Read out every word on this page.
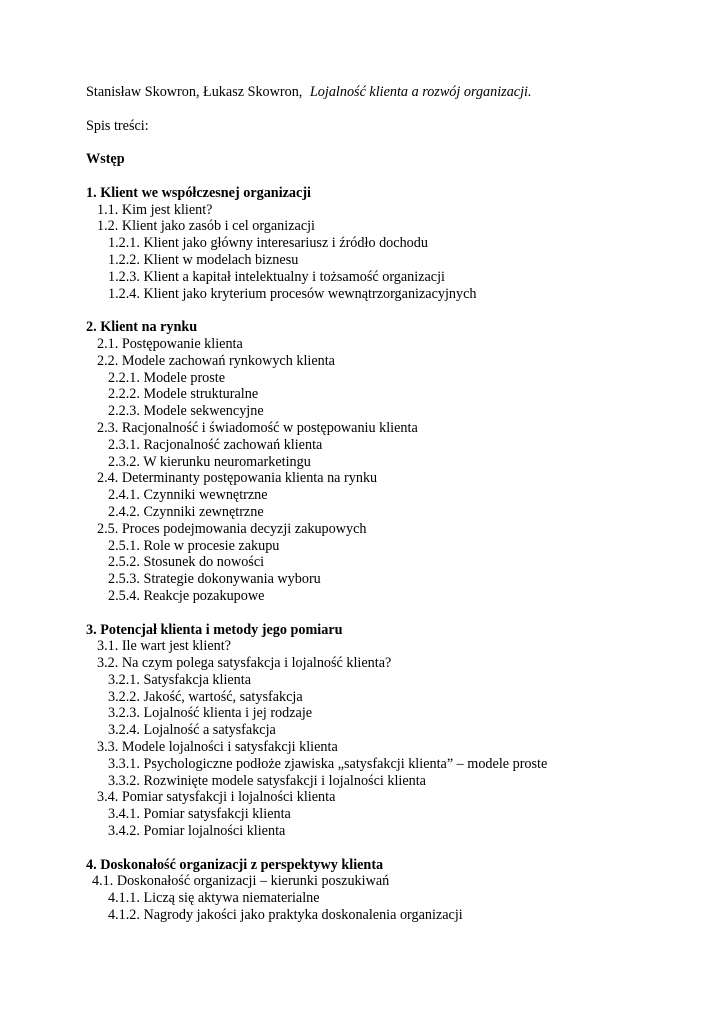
Stanisław Skowron, Łukasz Skowron, Lojalność klienta a rozwój organizacji.
Spis treści:
Wstęp
1. Klient we współczesnej organizacji
1.1. Kim jest klient?
1.2. Klient jako zasób i cel organizacji
1.2.1. Klient jako główny interesariusz i źródło dochodu
1.2.2. Klient w modelach biznesu
1.2.3. Klient a kapitał intelektualny i tożsamość organizacji
1.2.4. Klient jako kryterium procesów wewnątrzorganizacyjnych
2. Klient na rynku
2.1. Postępowanie klienta
2.2. Modele zachowań rynkowych klienta
2.2.1. Modele proste
2.2.2. Modele strukturalne
2.2.3. Modele sekwencyjne
2.3. Racjonalność i świadomość w postępowaniu klienta
2.3.1. Racjonalność zachowań klienta
2.3.2. W kierunku neuromarketingu
2.4. Determinanty postępowania klienta na rynku
2.4.1. Czynniki wewnętrzne
2.4.2. Czynniki zewnętrzne
2.5. Proces podejmowania decyzji zakupowych
2.5.1. Role w procesie zakupu
2.5.2. Stosunek do nowości
2.5.3. Strategie dokonywania wyboru
2.5.4. Reakcje pozakupowe
3. Potencjał klienta i metody jego pomiaru
3.1. Ile wart jest klient?
3.2. Na czym polega satysfakcja i lojalność klienta?
3.2.1. Satysfakcja klienta
3.2.2. Jakość, wartość, satysfakcja
3.2.3. Lojalność klienta i jej rodzaje
3.2.4. Lojalność a satysfakcja
3.3. Modele lojalności i satysfakcji klienta
3.3.1. Psychologiczne podłoże zjawiska „satysfakcji klienta” – modele proste
3.3.2. Rozwinięte modele satysfakcji i lojalności klienta
3.4. Pomiar satysfakcji i lojalności klienta
3.4.1. Pomiar satysfakcji klienta
3.4.2. Pomiar lojalności klienta
4. Doskonałość organizacji z perspektywy klienta
4.1. Doskonałość organizacji – kierunki poszukiwań
4.1.1. Liczą się aktywa niematerialne
4.1.2. Nagrody jakości jako praktyka doskonalenia organizacji
